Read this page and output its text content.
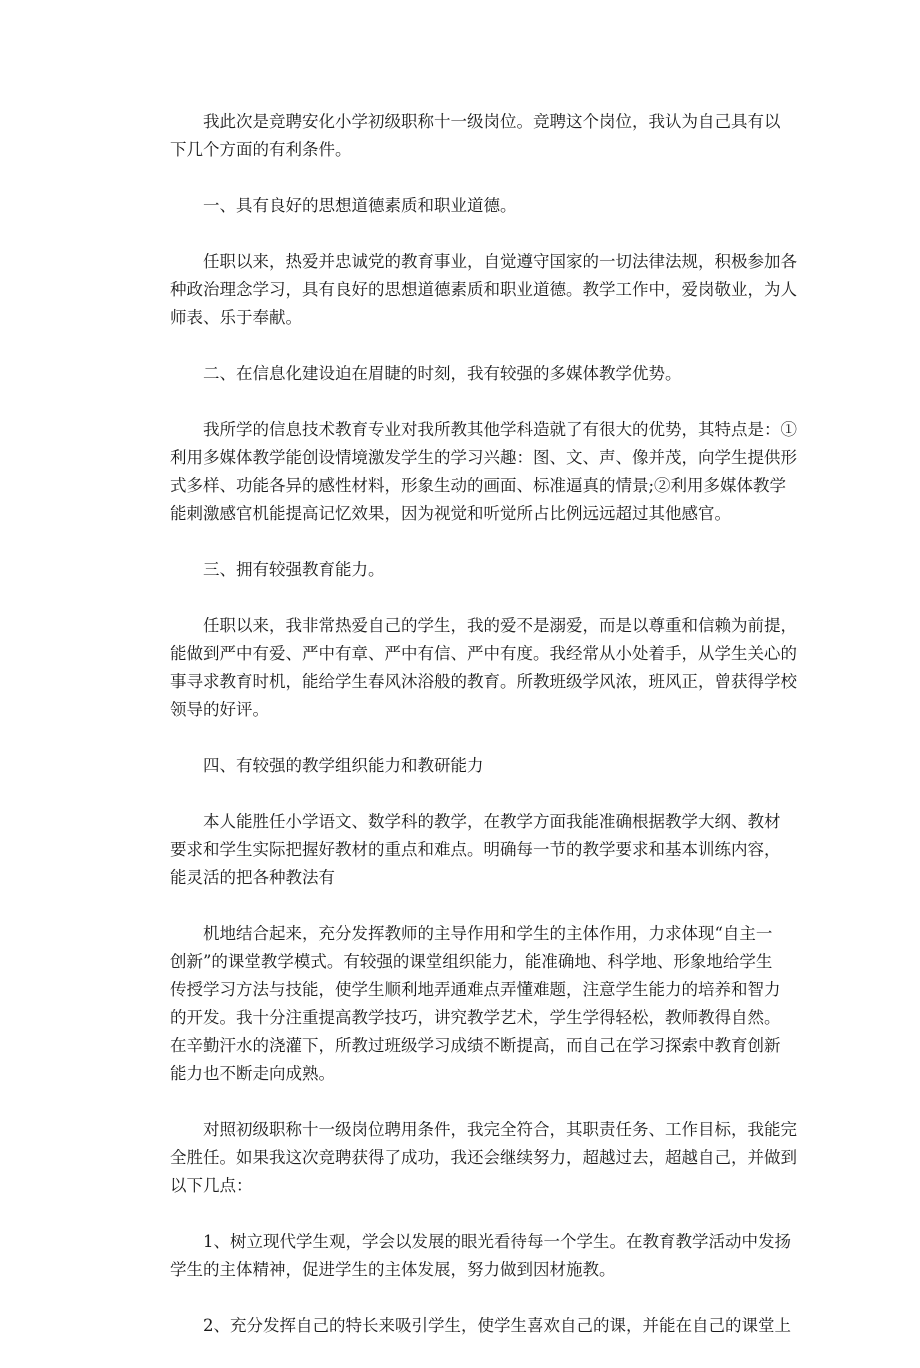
我此次是竞聘安化小学初级职称十一级岗位。竞聘这个岗位，我认为自己具有以
下几个方面的有利条件。

一、具有良好的思想道德素质和职业道德。

任职以来，热爱并忠诚党的教育事业，自觉遵守国家的一切法律法规，积极参加各
种政治理念学习，具有良好的思想道德素质和职业道德。教学工作中，爱岗敬业，为人
师表、乐于奉献。

二、在信息化建设迫在眉睫的时刻，我有较强的多媒体教学优势。

我所学的信息技术教育专业对我所教其他学科造就了有很大的优势，其特点是：①
利用多媒体教学能创设情境激发学生的学习兴趣：图、文、声、像并茂，向学生提供形
式多样、功能各异的感性材料，形象生动的画面、标准逼真的情景;②利用多媒体教学
能刺激感官机能提高记忆效果，因为视觉和听觉所占比例远远超过其他感官。

三、拥有较强教育能力。

任职以来，我非常热爱自己的学生，我的爱不是溺爱，而是以尊重和信赖为前提，
能做到严中有爱、严中有章、严中有信、严中有度。我经常从小处着手，从学生关心的
事寻求教育时机，能给学生春风沐浴般的教育。所教班级学风浓，班风正，曾获得学校
领导的好评。

四、有较强的教学组织能力和教研能力

本人能胜任小学语文、数学科的教学，在教学方面我能准确根据教学大纲、教材
要求和学生实际把握好教材的重点和难点。明确每一节的教学要求和基本训练内容，
能灵活的把各种教法有

机地结合起来，充分发挥教师的主导作用和学生的主体作用，力求体现“自主一
创新”的课堂教学模式。有较强的课堂组织能力，能准确地、科学地、形象地给学生
传授学习方法与技能，使学生顺利地弄通难点弄懂难题，注意学生能力的培养和智力
的开发。我十分注重提高教学技巧，讲究教学艺术，学生学得轻松，教师教得自然。
在辛勤汗水的浇灌下，所教过班级学习成绩不断提高，而自己在学习探索中教育创新
能力也不断走向成熟。

对照初级职称十一级岗位聘用条件，我完全符合，其职责任务、工作目标，我能完
全胜任。如果我这次竞聘获得了成功，我还会继续努力，超越过去，超越自己，并做到
以下几点：

1、树立现代学生观，学会以发展的眼光看待每一个学生。在教育教学活动中发扬
学生的主体精神，促进学生的主体发展，努力做到因材施教。

2、充分发挥自己的特长来吸引学生，使学生喜欢自己的课，并能在自己的课堂上
